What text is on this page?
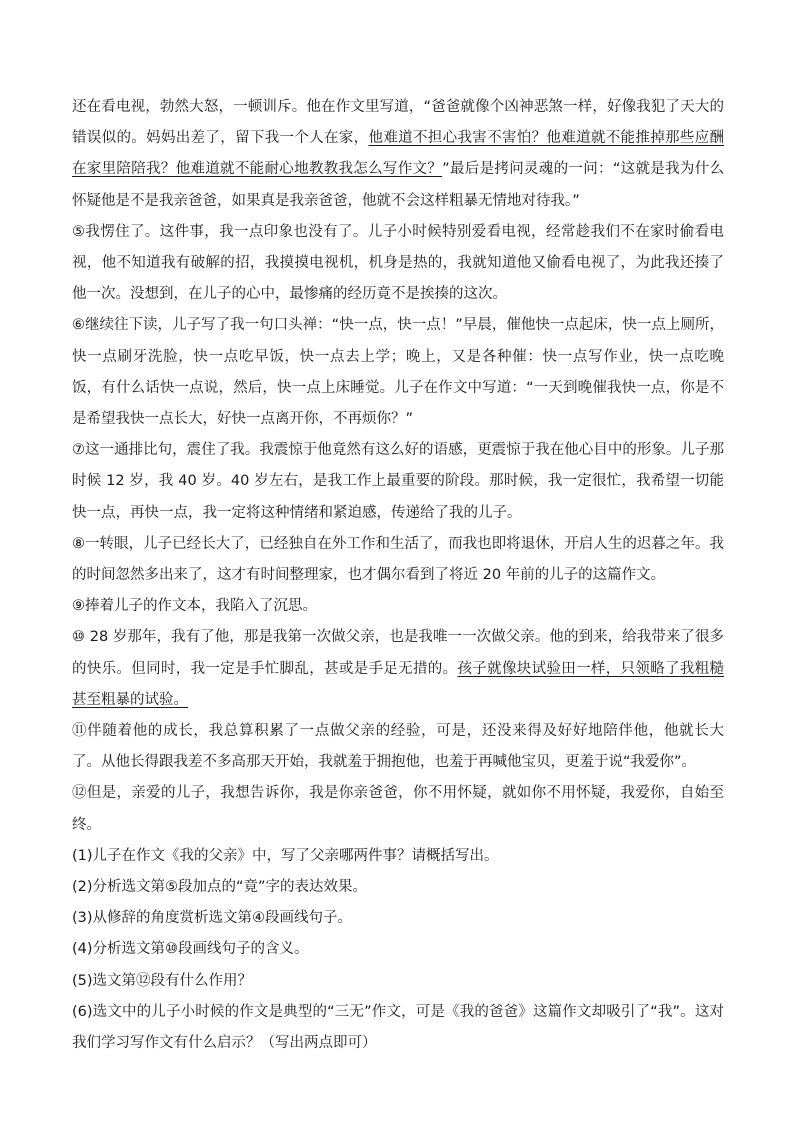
还在看电视，勃然大怒，一顿训斥。他在作文里写道，“爸爸就像个凶神恶煞一样，好像我犯了天大的错误似的。妈妈出差了，留下我一个人在家，他难道不担心我害不害怕？他难道就不能推掉那些应酬在家里陪陪我？他难道就不能耐心地教教我怎么写作文？”最后是拷问灵魂的一问：“这就是我为什么怀疑他是不是我亲爸爸，如果真是我亲爸爸，他就不会这样粗暴无情地对待我。”

⑤我愣住了。这件事，我一点印象也没有了。儿子小时候特别爱看电视，经常趁我们不在家时偷看电视，他不知道我有破解的招，我摸摸电视机，机身是热的，我就知道他又偷看电视了，为此我还揍了他一次。没想到，在儿子的心中，最惨痛的经历竟不是挨揍的这次。

⑥继续往下读，儿子写了我一句口头禅：“快一点，快一点！”早晨，催他快一点起床，快一点上厕所，快一点刷牙洗脸，快一点吃早饭，快一点去上学；晚上，又是各种催：快一点写作业，快一点吃晚饭，有什么话快一点说，然后，快一点上床睡觉。儿子在作文中写道：“一天到晚催我快一点，你是不是希望我快一点长大，好快一点离开你，不再烦你？”

⑦这一通排比句，震住了我。我震惊于他竟然有这么好的语感，更震惊于我在他心目中的形象。儿子那时候 12 岁，我 40 岁。40 岁左右，是我工作上最重要的阶段。那时候，我一定很忙，我希望一切能快一点，再快一点，我一定将这种情绪和紧迫感，传递给了我的儿子。

⑧一转眼，儿子已经长大了，已经独自在外工作和生活了，而我也即将退休，开启人生的迟暮之年。我的时间忽然多出来了，这才有时间整理家，也才偶尔看到了将近 20 年前的儿子的这篇作文。

⑨捧着儿子的作文本，我陷入了沉思。

⑩ 28 岁那年，我有了他，那是我第一次做父亲，也是我唯一一次做父亲。他的到来，给我带来了很多的快乐。但同时，我一定是手忙脚乱，甚或是手足无措的。孩子就像块试验田一样，只领略了我粗糙甚至粗暴的试验。

⑪伴随着他的成长，我总算积累了一点做父亲的经验，可是，还没来得及好好地陪伴他，他就长大了。从他长得跟我差不多高那天开始，我就羞于拥抱他，也羞于再喊他宝贝，更羞于说“我爱你”。

⑫但是，亲爱的儿子，我想告诉你，我是你亲爸爸，你不用怀疑，就如你不用怀疑，我爱你，自始至终。

(1)儿子在作文《我的父亲》中，写了父亲哪两件事？请概括写出。

(2)分析选文第⑤段加点的“竟”字的表达效果。

(3)从修辞的角度赏析选文第④段画线句子。

(4)分析选文第⑩段画线句子的含义。

(5)选文第⑫段有什么作用？

(6)选文中的儿子小时候的作文是典型的“三无”作文，可是《我的爸爸》这篇作文却吸引了“我”。这对我们学习写作文有什么启示？（写出两点即可）
